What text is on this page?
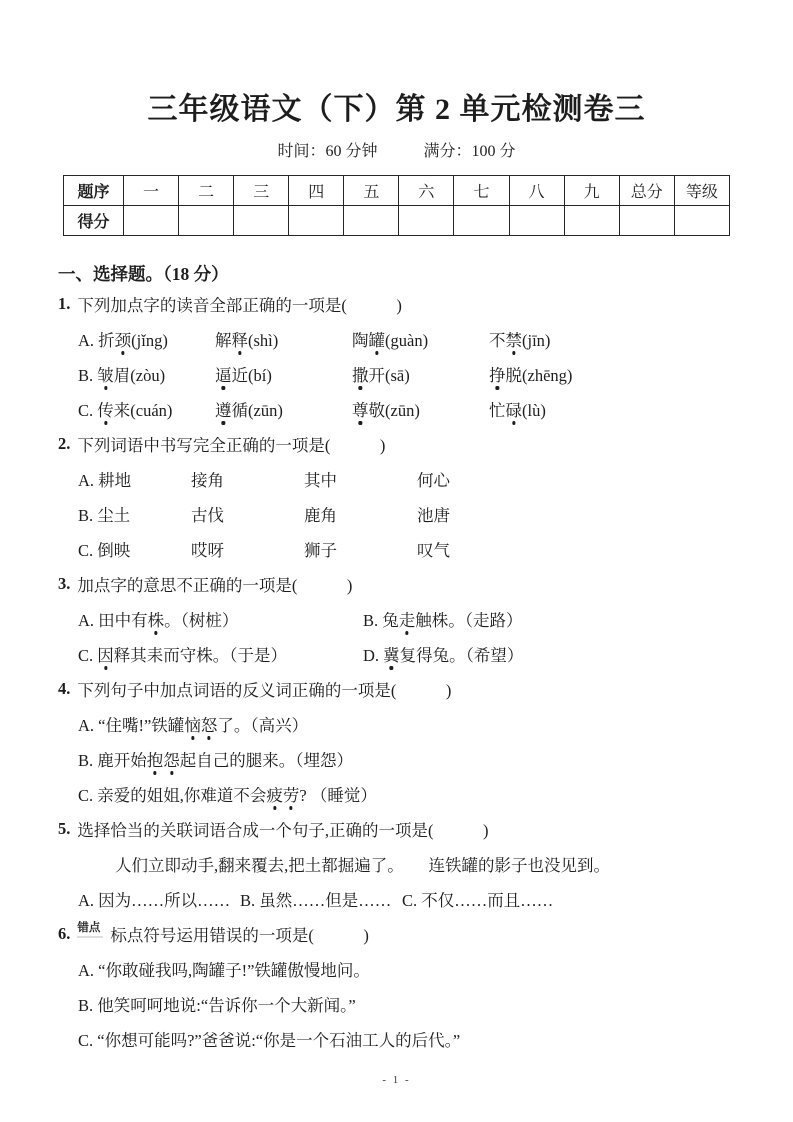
三年级语文（下）第 2 单元检测卷三
时间：60 分钟	满分：100 分
题序	一	二	三	四	五	六	七	八	九	总分	等级
得分											
一、选择题。（18 分）
1. 下列加点字的读音全部正确的一项是(　　　)
A. 折颈(jǐng)	解释(shì)	陶罐(guàn)	不禁(jīn)
B. 皱眉(zòu)	逼近(bí)	撒开(sā)	挣脱(zhēng)
C. 传来(cuán)	遵循(zūn)	尊敬(zūn)	忙碌(lù)
2. 下列词语中书写完全正确的一项是(　　　)
A. 耕地	接角	其中	何心
B. 尘土	古伐	鹿角	池唐
C. 倒映	哎呀	狮子	叹气
3. 加点字的意思不正确的一项是(　　　)
A. 田中有株。（树桩）	B. 兔走触株。（走路）
C. 因释其耒而守株。（于是）	D. 冀复得兔。（希望）
4. 下列句子中加点词语的反义词正确的一项是(　　　)
A. “住嘴!”铁罐恼怒了。（高兴）
B. 鹿开始抱怨起自己的腿来。（埋怨）
C. 亲爱的姐姐,你难道不会疲劳? （睡觉）
5. 选择恰当的关联词语合成一个句子,正确的一项是(　　　)
人们立即动手,翻来覆去,把土都掘遍了。　　连铁罐的影子也没见到。
A. 因为……所以…… B. 虽然……但是…… C. 不仅……而且……
6. 错点 标点符号运用错误的一项是(　　　)
A. “你敢碰我吗,陶罐子!”铁罐傲慢地问。
B. 他笑呵呵地说:“告诉你一个大新闻。”
C. “你想可能吗?”爸爸说:“你是一个石油工人的后代。”
- 1 -
